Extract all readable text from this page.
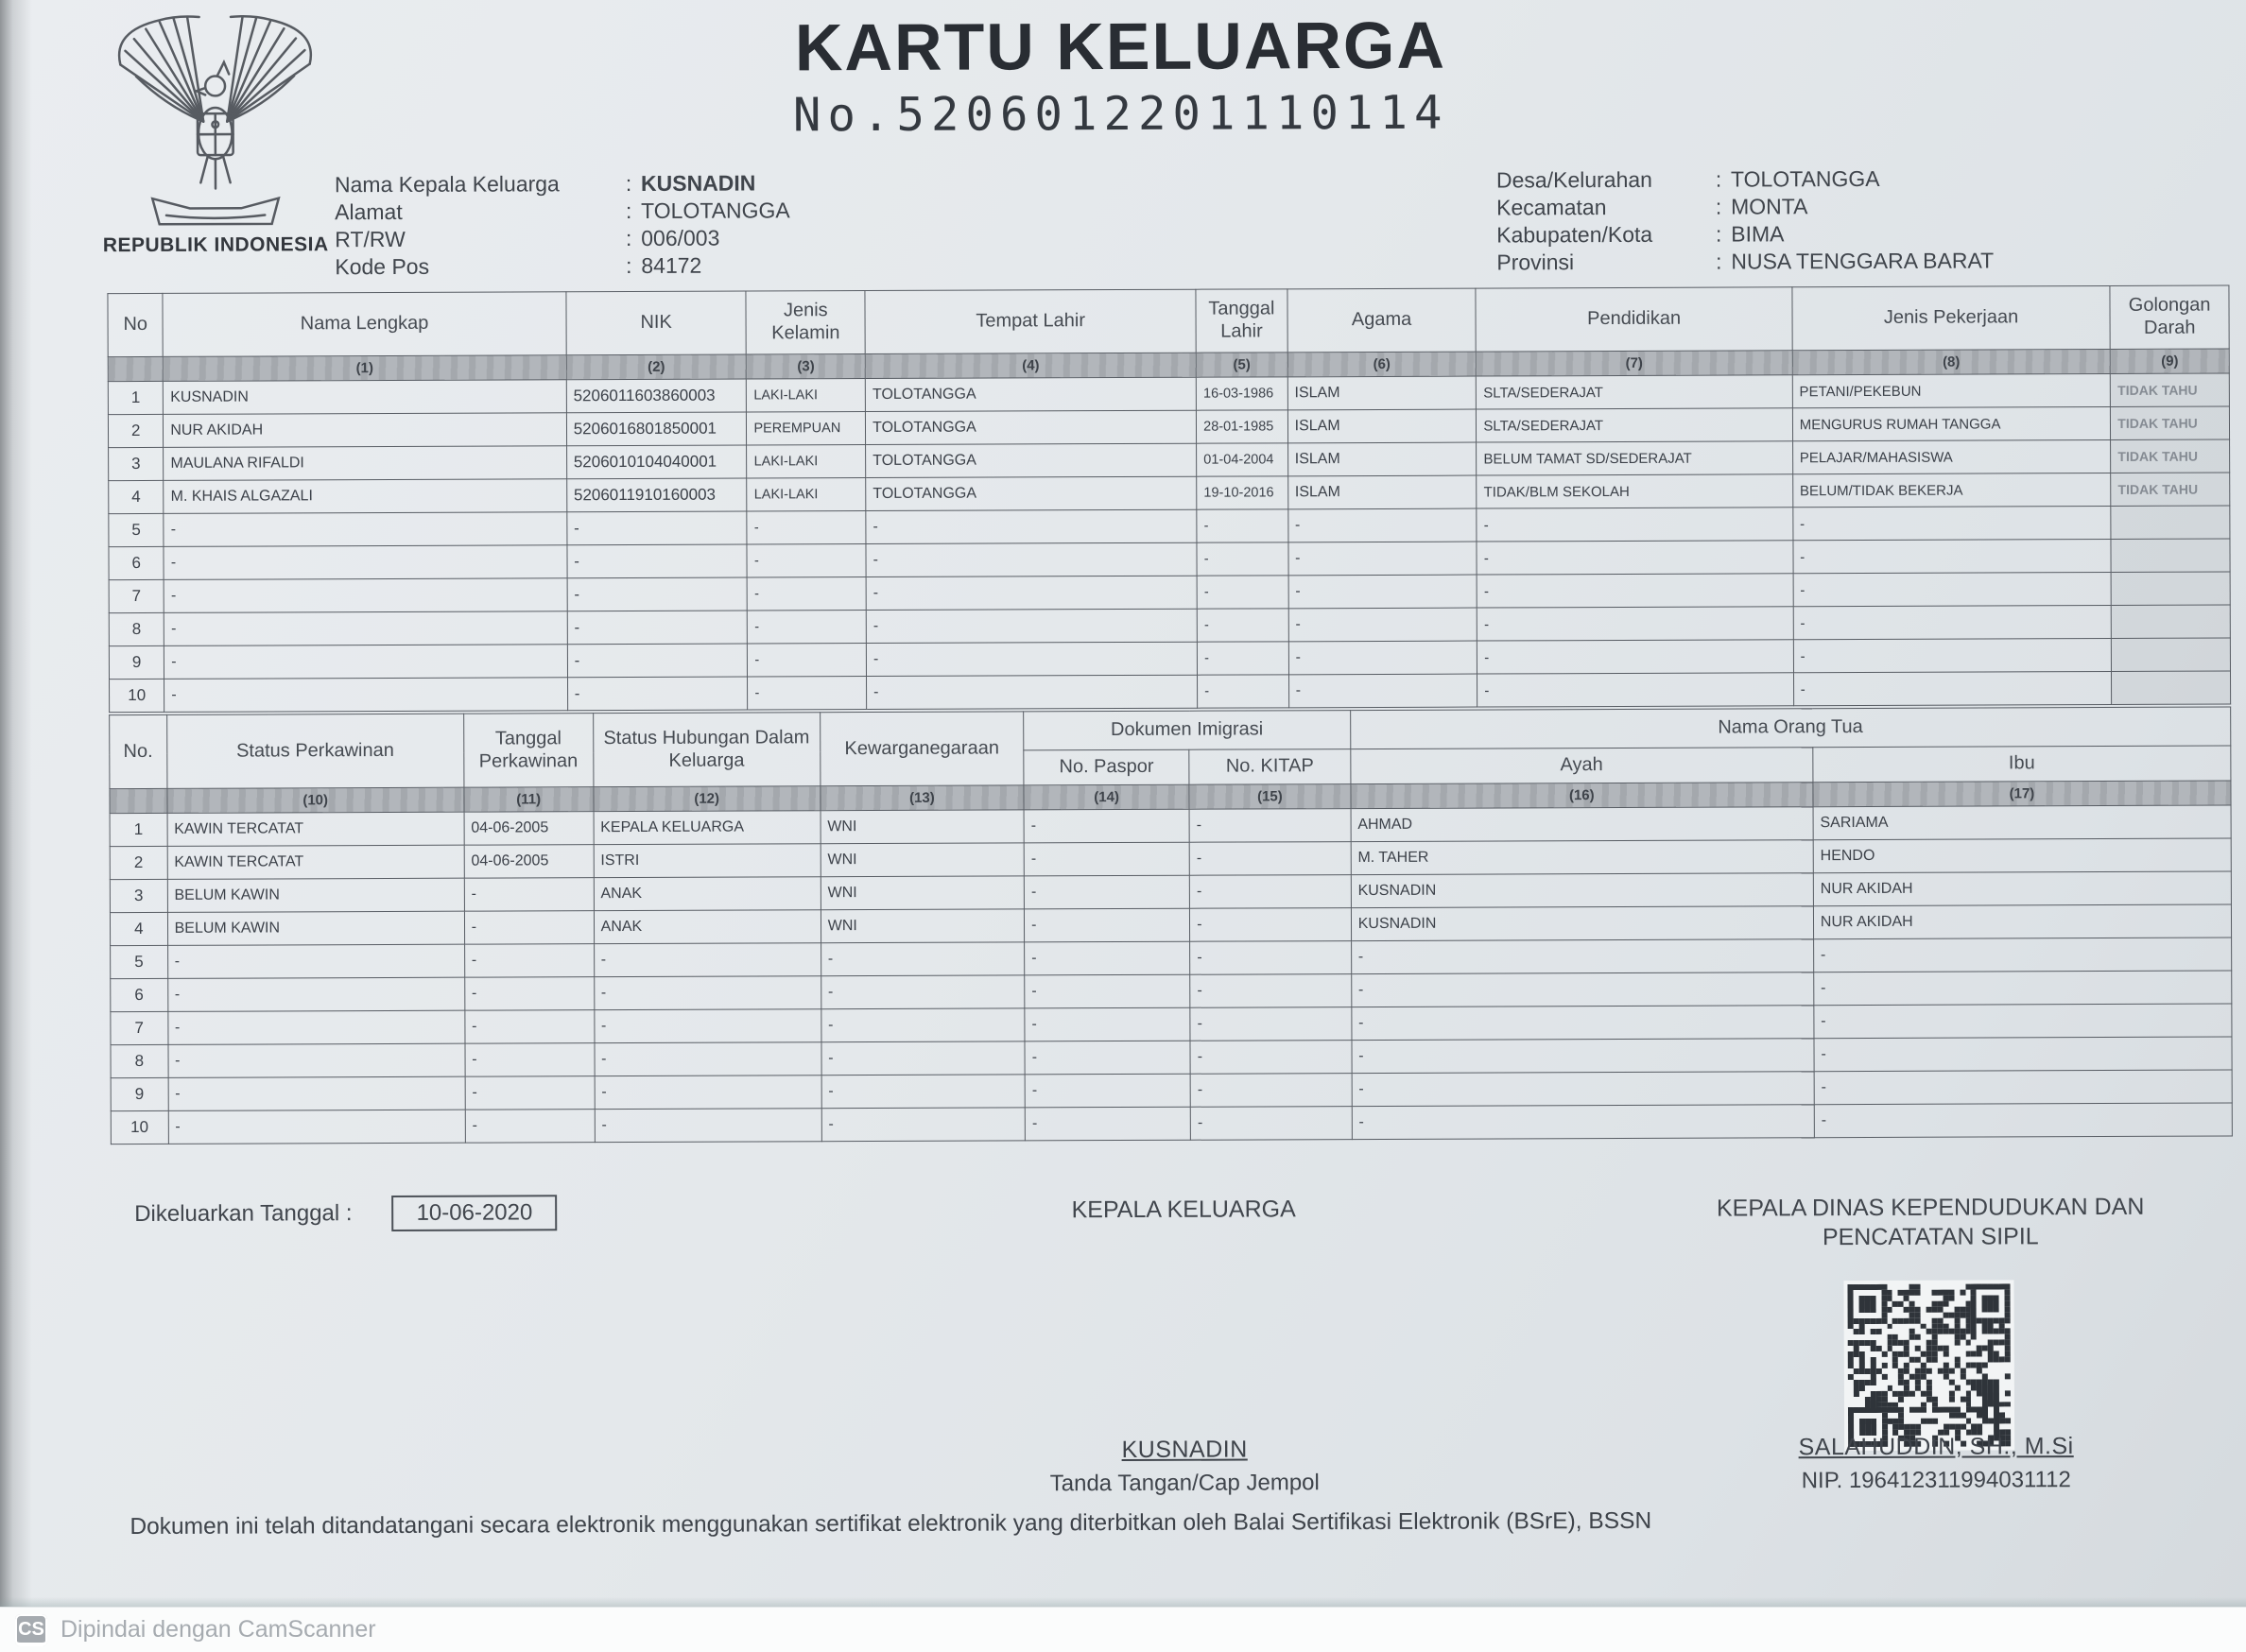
REPUBLIK INDONESIA
KARTU KELUARGA
No.5206012201110114
Nama Kepala Keluarga	: KUSNADIN
Alamat	: TOLOTANGGA
RT/RW	: 006/003
Kode Pos	: 84172
Desa/Kelurahan	: TOLOTANGGA
Kecamatan	: MONTA
Kabupaten/Kota	: BIMA
Provinsi	: NUSA TENGGARA BARAT
No	Nama Lengkap	NIK	Jenis Kelamin	Tempat Lahir	Tanggal Lahir	Agama	Pendidikan	Jenis Pekerjaan	Golongan Darah
	(1)	(2)	(3)	(4)	(5)	(6)	(7)	(8)	(9)
1	KUSNADIN	5206011603860003	LAKI-LAKI	TOLOTANGGA	16-03-1986	ISLAM	SLTA/SEDERAJAT	PETANI/PEKEBUN	TIDAK TAHU
2	NUR AKIDAH	5206016801850001	PEREMPUAN	TOLOTANGGA	28-01-1985	ISLAM	SLTA/SEDERAJAT	MENGURUS RUMAH TANGGA	TIDAK TAHU
3	MAULANA RIFALDI	5206010104040001	LAKI-LAKI	TOLOTANGGA	01-04-2004	ISLAM	BELUM TAMAT SD/SEDERAJAT	PELAJAR/MAHASISWA	TIDAK TAHU
4	M. KHAIS ALGAZALI	5206011910160003	LAKI-LAKI	TOLOTANGGA	19-10-2016	ISLAM	TIDAK/BLM SEKOLAH	BELUM/TIDAK BEKERJA	TIDAK TAHU
5	-	-	-	-	-	-	-	-	
6	-	-	-	-	-	-	-	-	
7	-	-	-	-	-	-	-	-	
8	-	-	-	-	-	-	-	-	
9	-	-	-	-	-	-	-	-	
10	-	-	-	-	-	-	-	-	
No.	Status Perkawinan	Tanggal Perkawinan	Status Hubungan Dalam Keluarga	Kewarganegaraan	Dokumen Imigrasi		Nama Orang Tua	
					No. Paspor	No. KITAP	Ayah	Ibu
	(10)	(11)	(12)	(13)	(14)	(15)	(16)	(17)
1	KAWIN TERCATAT	04-06-2005	KEPALA KELUARGA	WNI	-	-	AHMAD	SARIAMA
2	KAWIN TERCATAT	04-06-2005	ISTRI	WNI	-	-	M. TAHER	HENDO
3	BELUM KAWIN	-	ANAK	WNI	-	-	KUSNADIN	NUR AKIDAH
4	BELUM KAWIN	-	ANAK	WNI	-	-	KUSNADIN	NUR AKIDAH
5	-	-	-	-	-	-	-	-
6	-	-	-	-	-	-	-	-
7	-	-	-	-	-	-	-	-
8	-	-	-	-	-	-	-	-
9	-	-	-	-	-	-	-	-
10	-	-	-	-	-	-	-	-
Dikeluarkan Tanggal :	10-06-2020	KEPALA KELUARGA	KEPALA DINAS KEPENDUDUKAN DAN
PENCATATAN SIPIL
KUSNADIN
Tanda Tangan/Cap Jempol
SALAHUDDIN, SH., M.Si
NIP. 196412311994031112
Dokumen ini telah ditandatangani secara elektronik menggunakan sertifikat elektronik yang diterbitkan oleh Balai Sertifikasi Elektronik (BSrE), BSSN
CS Dipindai dengan CamScanner
